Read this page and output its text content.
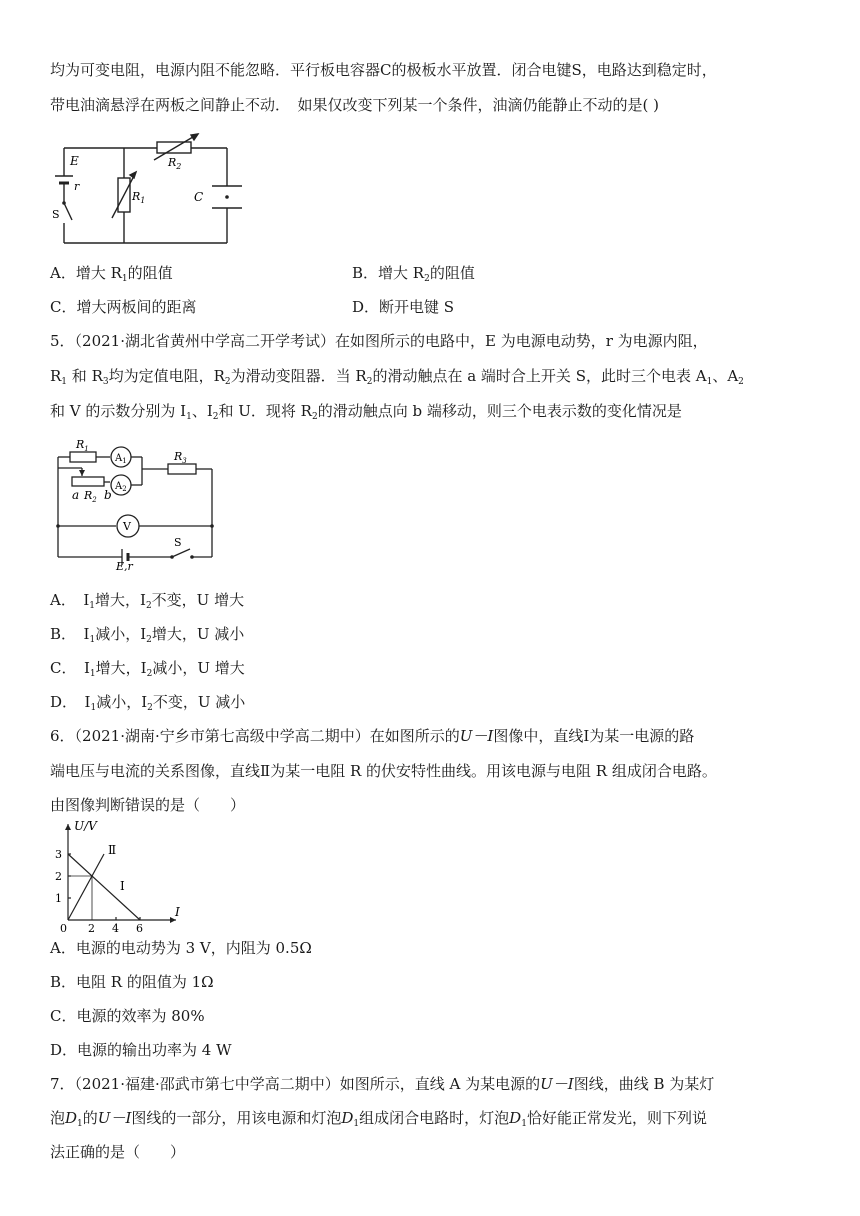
均为可变电阻，电源内阻不能忽略．平行板电容器C的极板水平放置．闭合电键S，电路达到稳定时，
带电油滴悬浮在两板之间静止不动．　如果仅改变下列某一个条件，油滴仍能静止不动的是( )
E
r
S
$R_1$
$R_2$
C
A．增大 $R_1$的阻值	B．增大 $R_2$的阻值
C．增大两板间的距离	D．断开电键 S
5．（2021·湖北省黄州中学高二开学考试）在如图所示的电路中，E 为电源电动势，r 为电源内阻，
$R_1$ 和 $R_3$均为定值电阻，$R_2$为滑动变阻器．当 $R_2$的滑动触点在 a 端时合上开关 S，此时三个电表 $A_1$、$A_2$
和 V 的示数分别为 $I_1$、$I_2$和 U．现将 $R_2$的滑动触点向 b 端移动，则三个电表示数的变化情况是
$R_1$
$A_1$	$R_3$
a $R_2$ b
$A_2$
V
E,r
S
A．　$I_1$增大，$I_2$不变，U 增大
B．　$I_1$减小，$I_2$增大，U 减小
C．　$I_1$增大，$I_2$减小，U 增大
D．　$I_1$减小，$I_2$不变，U 减小
6．（2021·湖南·宁乡市第七高级中学高二期中）在如图所示的U－I图像中，直线Ⅰ为某一电源的路
端电压与电流的关系图像，直线Ⅱ为某一电阻 R 的伏安特性曲线。用该电源与电阻 R 组成闭合电路。
由图像判断错误的是（　　）
U/V
I
3
2
1
0 2 4 6
Ⅱ
I
A．电源的电动势为 3 V，内阻为 0.5Ω
B．电阻 R 的阻值为 1Ω
C．电源的效率为 80%
D．电源的输出功率为 4 W
7．（2021·福建·邵武市第七中学高二期中）如图所示，直线 A 为某电源的U－I图线，曲线 B 为某灯
泡$D_1$的U－I图线的一部分，用该电源和灯泡$D_1$组成闭合电路时，灯泡$D_1$恰好能正常发光，则下列说
法正确的是（　　）
